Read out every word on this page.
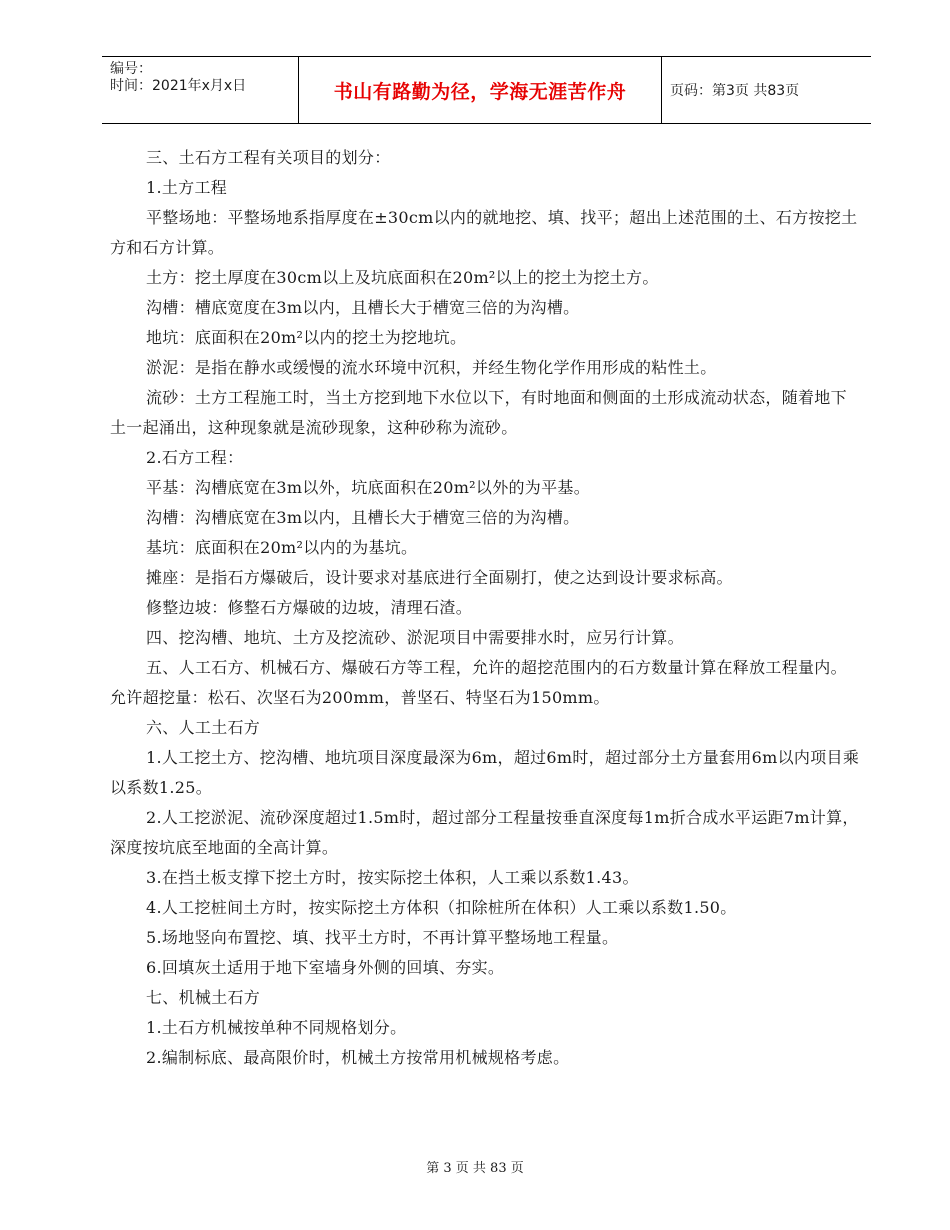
编号：
时间：2021年x月x日	书山有路勤为径，学海无涯苦作舟	页码：第3页 共83页

三、土石方工程有关项目的划分：

1.土方工程

平整场地：平整场地系指厚度在±30cm以内的就地挖、填、找平；超出上述范围的土、石方按挖土方和石方计算。

土方：挖土厚度在30cm以上及坑底面积在20m²以上的挖土为挖土方。

沟槽：槽底宽度在3m以内，且槽长大于槽宽三倍的为沟槽。

地坑：底面积在20m²以内的挖土为挖地坑。

淤泥：是指在静水或缓慢的流水环境中沉积，并经生物化学作用形成的粘性土。

流砂：土方工程施工时，当土方挖到地下水位以下，有时地面和侧面的土形成流动状态，随着地下土一起涌出，这种现象就是流砂现象，这种砂称为流砂。

2.石方工程：

平基：沟槽底宽在3m以外，坑底面积在20m²以外的为平基。

沟槽：沟槽底宽在3m以内，且槽长大于槽宽三倍的为沟槽。

基坑：底面积在20m²以内的为基坑。

摊座：是指石方爆破后，设计要求对基底进行全面剔打，使之达到设计要求标高。

修整边坡：修整石方爆破的边坡，清理石渣。

四、挖沟槽、地坑、土方及挖流砂、淤泥项目中需要排水时，应另行计算。

五、人工石方、机械石方、爆破石方等工程，允许的超挖范围内的石方数量计算在释放工程量内。允许超挖量：松石、次坚石为200mm，普坚石、特坚石为150mm。

六、人工土石方

1.人工挖土方、挖沟槽、地坑项目深度最深为6m，超过6m时，超过部分土方量套用6m以内项目乘以系数1.25。

2.人工挖淤泥、流砂深度超过1.5m时，超过部分工程量按垂直深度每1m折合成水平运距7m计算，深度按坑底至地面的全高计算。

3.在挡土板支撑下挖土方时，按实际挖土体积，人工乘以系数1.43。

4.人工挖桩间土方时，按实际挖土方体积（扣除桩所在体积）人工乘以系数1.50。

5.场地竖向布置挖、填、找平土方时，不再计算平整场地工程量。

6.回填灰土适用于地下室墙身外侧的回填、夯实。

七、机械土石方

1.土石方机械按单种不同规格划分。

2.编制标底、最高限价时，机械土方按常用机械规格考虑。

第 3 页 共 83 页
